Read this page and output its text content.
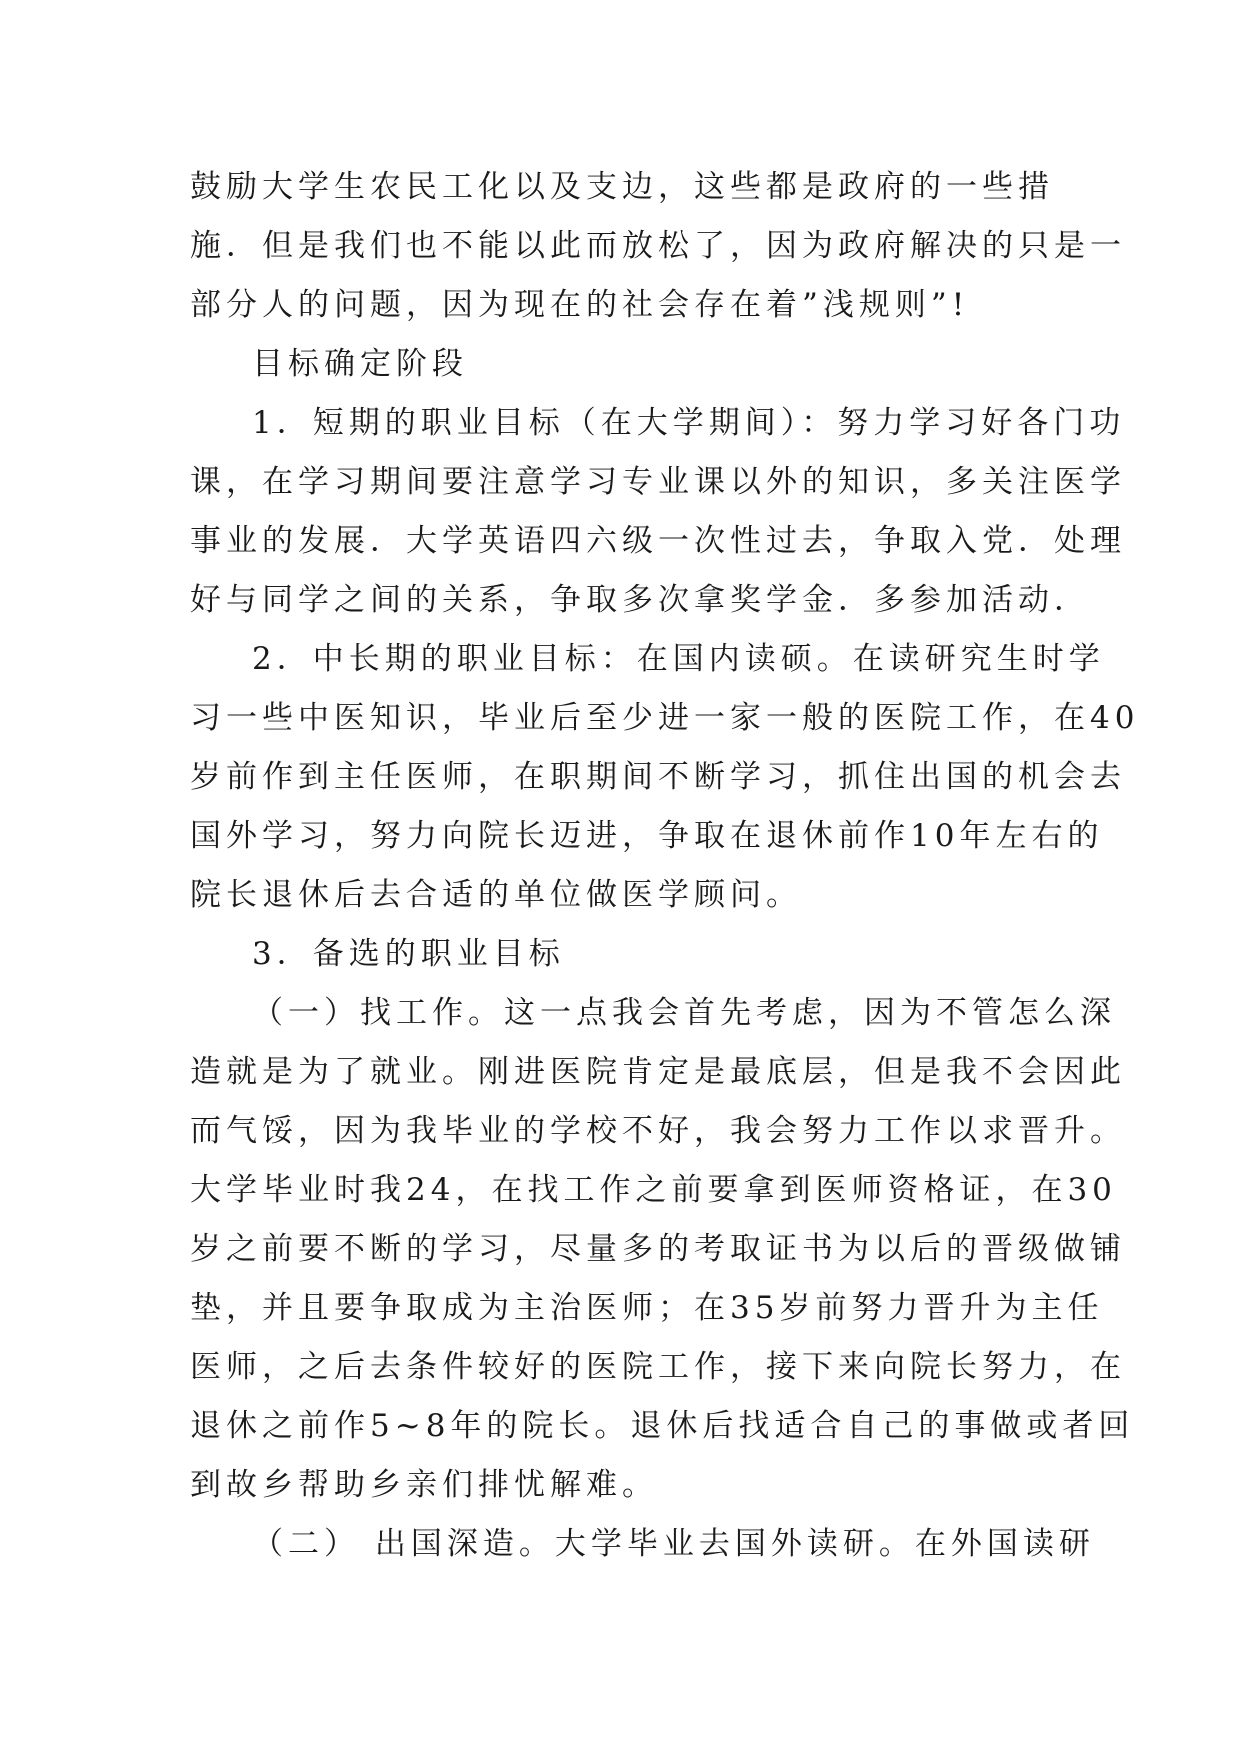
鼓励大学生农民工化以及支边，这些都是政府的一些措
施．但是我们也不能以此而放松了，因为政府解决的只是一
部分人的问题，因为现在的社会存在着”浅规则”!
目标确定阶段
1．短期的职业目标（在大学期间）：努力学习好各门功
课，在学习期间要注意学习专业课以外的知识，多关注医学
事业的发展．大学英语四六级一次性过去，争取入党．处理
好与同学之间的关系，争取多次拿奖学金．多参加活动．
2．中长期的职业目标：在国内读硕。在读研究生时学
习一些中医知识，毕业后至少进一家一般的医院工作，在40
岁前作到主任医师，在职期间不断学习，抓住出国的机会去
国外学习，努力向院长迈进，争取在退休前作10年左右的
院长退休后去合适的单位做医学顾问。
3．备选的职业目标
（一）找工作。这一点我会首先考虑，因为不管怎么深
造就是为了就业。刚进医院肯定是最底层，但是我不会因此
而气馁，因为我毕业的学校不好，我会努力工作以求晋升。
大学毕业时我24，在找工作之前要拿到医师资格证，在30
岁之前要不断的学习，尽量多的考取证书为以后的晋级做铺
垫，并且要争取成为主治医师；在35岁前努力晋升为主任
医师，之后去条件较好的医院工作，接下来向院长努力，在
退休之前作5~8年的院长。退休后找适合自己的事做或者回
到故乡帮助乡亲们排忧解难。
（二） 出国深造。大学毕业去国外读研。在外国读研
